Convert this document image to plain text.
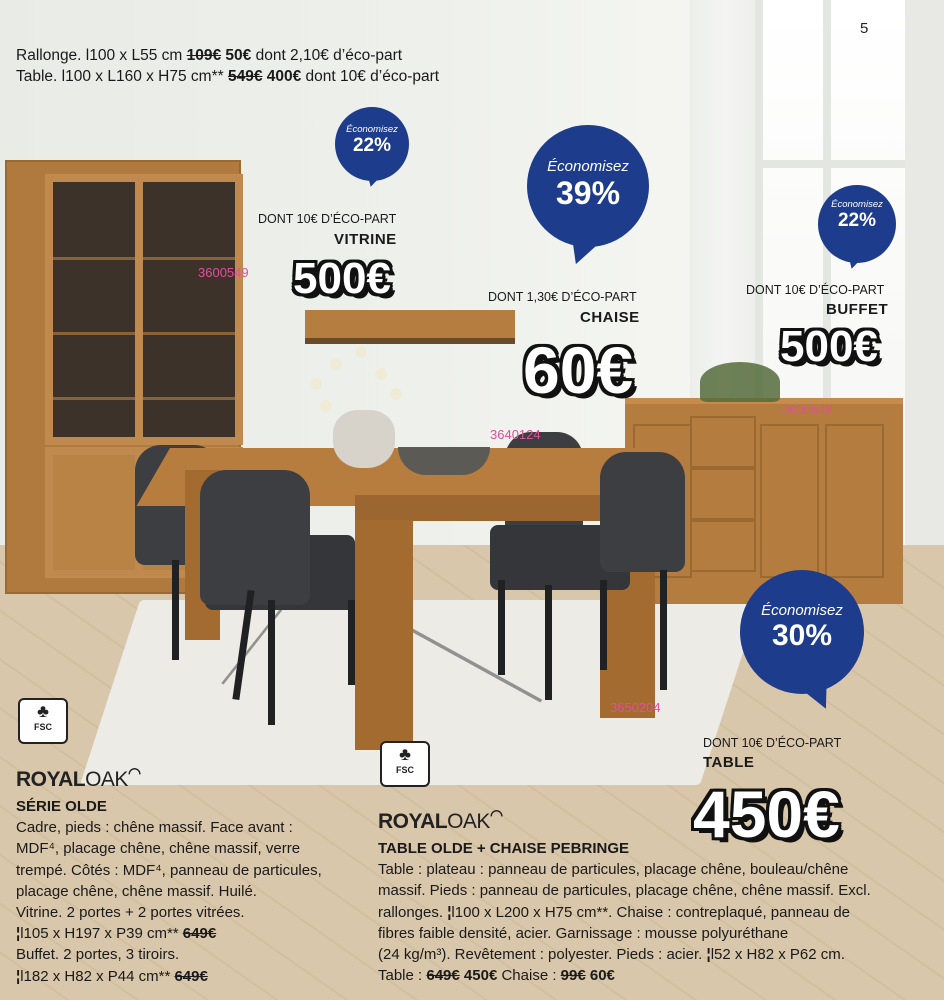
5
Rallonge. l100 x L55 cm 109€ 50€ dont 2,10€ d’éco-part
Table. l100 x L160 x H75 cm** 549€ 400€ dont 10€ d’éco-part
Économisez
22%
DONT 10€ D’ÉCO-PART
VITRINE
500€
3600549
Économisez
39%
DONT 1,30€ D’ÉCO-PART
CHAISE
60€
3640124
Économisez
22%
DONT 10€ D’ÉCO-PART
BUFFET
500€
3600548
Économisez
30%
DONT 10€ D’ÉCO-PART
TABLE
450€
3650204
♣
FSC
ROYALOAK◠
SÉRIE OLDE
Cadre, pieds : chêne massif. Face avant :
MDF⁴, placage chêne, chêne massif, verre
trempé. Côtés : MDF⁴, panneau de particules,
placage chêne, chêne massif. Huilé.
Vitrine. 2 portes + 2 portes vitrées.
¦l105 x H197 x P39 cm** 649€
Buffet. 2 portes, 3 tiroirs.
¦l182 x H82 x P44 cm** 649€
♣
FSC
ROYALOAK◠
TABLE OLDE + CHAISE PEBRINGE
Table : plateau : panneau de particules, placage chêne, bouleau/chêne
massif. Pieds : panneau de particules, placage chêne, chêne massif. Excl.
rallonges. ¦l100 x L200 x H75 cm**. Chaise : contreplaqué, panneau de
fibres faible densité, acier. Garnissage : mousse polyuréthane
(24 kg/m³). Revêtement : polyester. Pieds : acier. ¦l52 x H82 x P62 cm.
Table : 649€ 450€ Chaise : 99€ 60€
